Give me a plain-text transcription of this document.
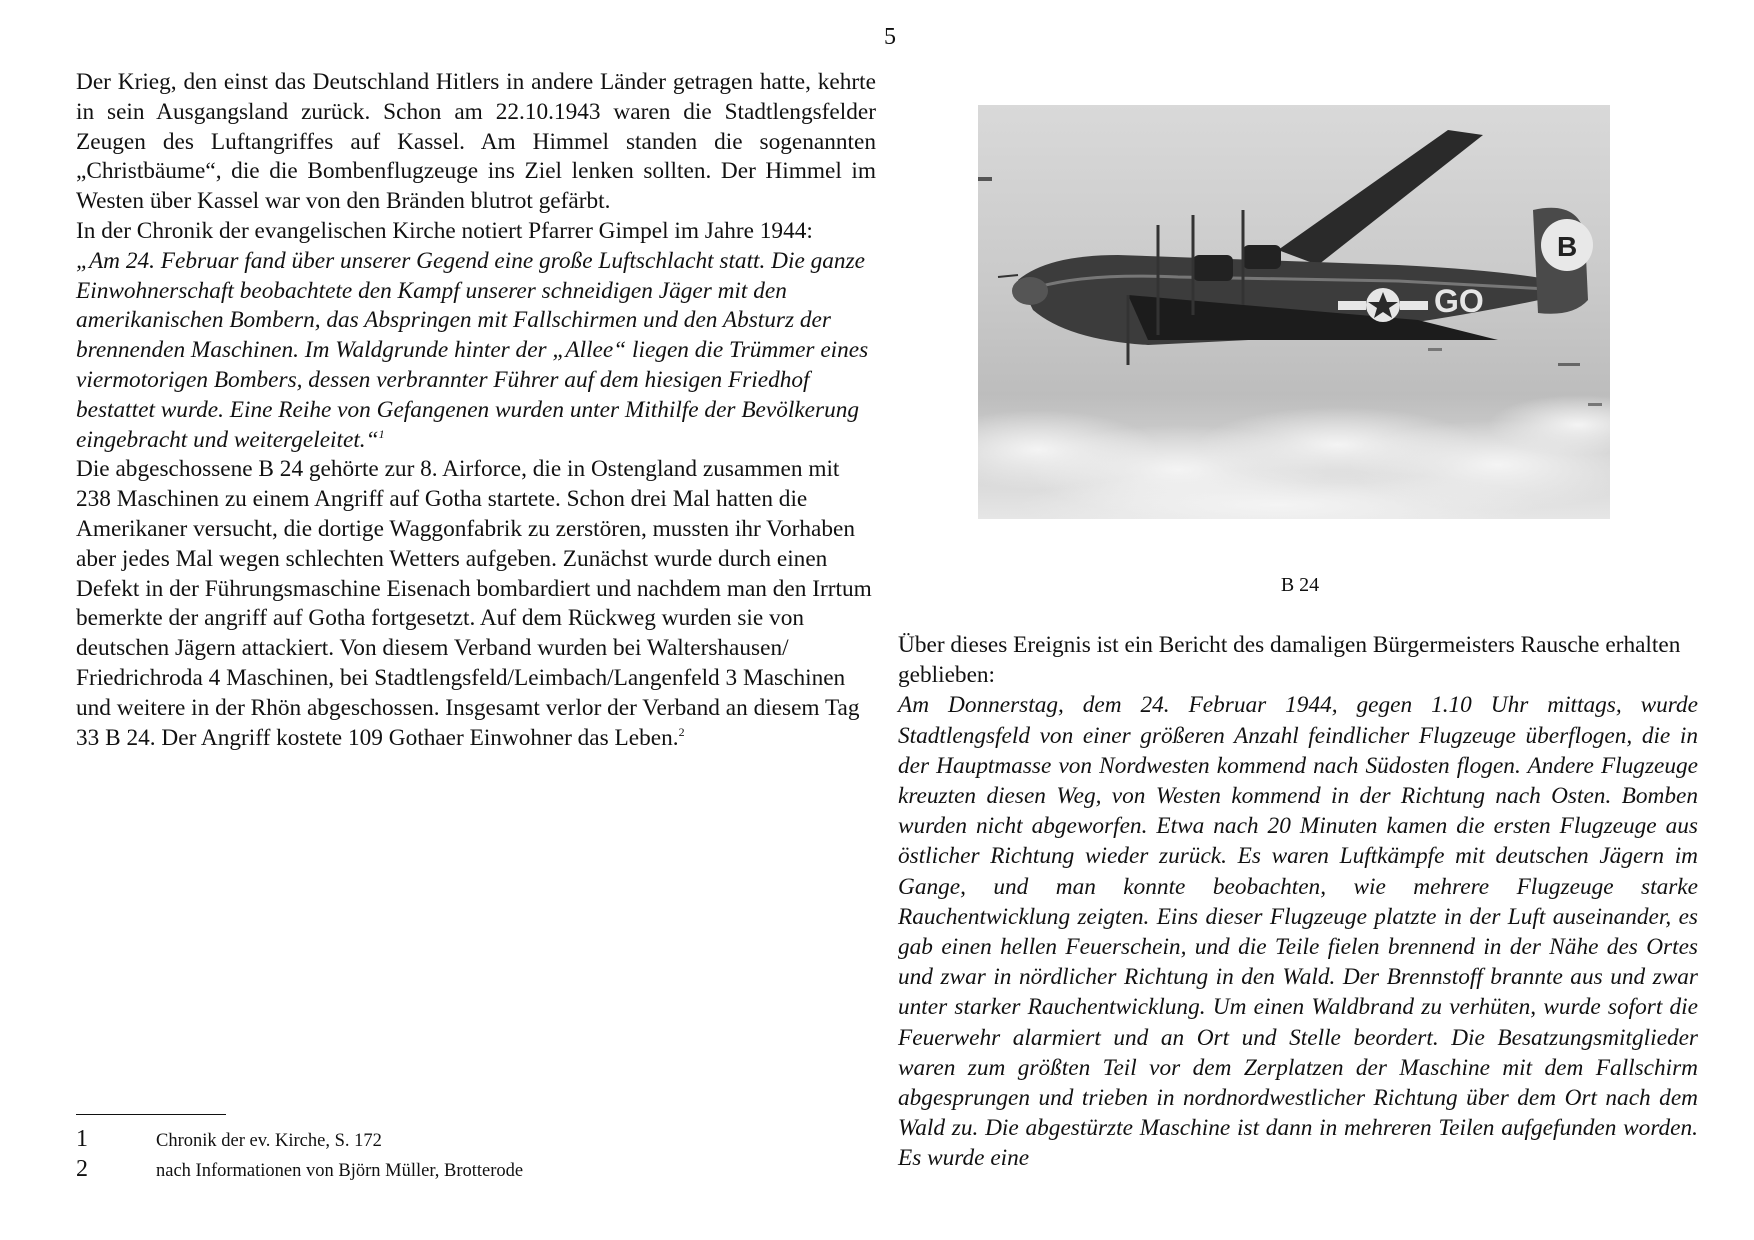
5

Der Krieg, den einst das Deutschland Hitlers in andere Länder getragen hatte, kehrte in sein Ausgangsland zurück. Schon am 22.10.1943 waren die Stadtlengsfelder Zeugen des Luftangriffes auf Kassel. Am Himmel standen die sogenannten „Christbäume“, die die Bombenflugzeuge ins Ziel lenken sollten. Der Himmel im Westen über Kassel war von den Bränden blutrot gefärbt.

In der Chronik der evangelischen Kirche notiert Pfarrer Gimpel im Jahre 1944:

„Am 24. Februar fand über unserer Gegend eine große Luftschlacht statt. Die ganze Einwohnerschaft beobachtete den Kampf unserer schneidigen Jäger mit den amerikanischen Bombern, das Abspringen mit Fallschirmen und den Absturz der brennenden Maschinen. Im Waldgrunde hinter der „Allee“ liegen die Trümmer eines viermotorigen Bombers, dessen verbrannter Führer auf dem hiesigen Friedhof bestattet wurde. Eine Reihe von Gefangenen wurden unter Mithilfe der Bevölkerung eingebracht und weitergeleitet.“$^1$

Die abgeschossene B 24 gehörte zur 8. Airforce, die in Ostengland zusammen mit 238 Maschinen zu einem Angriff auf Gotha startete. Schon drei Mal hatten die Amerikaner versucht, die dortige Waggonfabrik zu zerstören, mussten ihr Vorhaben aber jedes Mal wegen schlechten Wetters aufgeben. Zunächst wurde durch einen Defekt in der Führungsmaschine Eisenach bombardiert und nachdem man den Irrtum bemerkte der angriff auf Gotha fortgesetzt. Auf dem Rückweg wurden sie von deutschen Jägern attackiert. Von diesem Verband wurden bei Waltershausen/ Friedrichroda 4 Maschinen, bei Stadtlengsfeld/Leimbach/Langenfeld 3 Maschinen und weitere in der Rhön abgeschossen. Insgesamt verlor der Verband an diesem Tag 33 B 24. Der Angriff kostete 109 Gothaer Einwohner das Leben.$^2$

B
GO
B 24

Über dieses Ereignis ist ein Bericht des damaligen Bürgermeisters Rausche erhalten geblieben:

Am Donnerstag, dem 24. Februar 1944, gegen 1.10 Uhr mittags, wurde Stadtlengsfeld von einer größeren Anzahl feindlicher Flugzeuge überflogen, die in der Hauptmasse von Nordwesten kommend nach Südosten flogen. Andere Flugzeuge kreuzten diesen Weg, von Westen kommend in der Richtung nach Osten. Bomben wurden nicht abgeworfen. Etwa nach 20 Minuten kamen die ersten Flugzeuge aus östlicher Richtung wieder zurück. Es waren Luftkämpfe mit deutschen Jägern im Gange, und man konnte beobachten, wie mehrere Flugzeuge starke Rauchentwicklung zeigten. Eins dieser Flugzeuge platzte in der Luft auseinander, es gab einen hellen Feuerschein, und die Teile fielen brennend in der Nähe des Ortes und zwar in nördlicher Richtung in den Wald. Der Brennstoff brannte aus und zwar unter starker Rauchentwicklung. Um einen Waldbrand zu verhüten, wurde sofort die Feuerwehr alarmiert und an Ort und Stelle beordert. Die Besatzungsmitglieder waren zum größten Teil vor dem Zerplatzen der Maschine mit dem Fallschirm abgesprungen und trieben in nordnordwestlicher Richtung über dem Ort nach dem Wald zu. Die abgestürzte Maschine ist dann in mehreren Teilen aufgefunden worden. Es wurde eine

1	Chronik der ev. Kirche, S. 172
2	nach Informationen von Björn Müller, Brotterode
